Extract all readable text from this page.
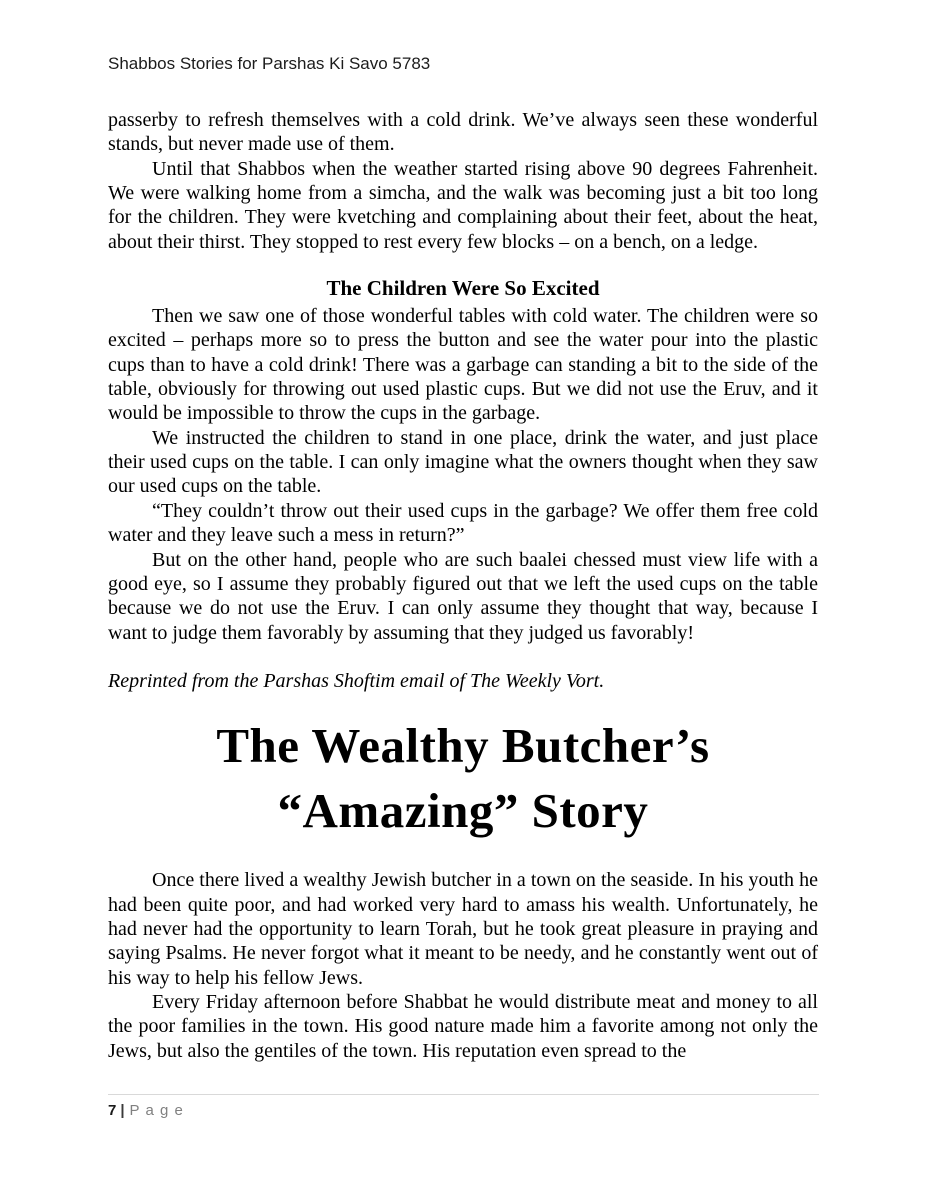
Shabbos Stories for Parshas Ki Savo 5783

passerby to refresh themselves with a cold drink. We’ve always seen these wonderful stands, but never made use of them.

Until that Shabbos when the weather started rising above 90 degrees Fahrenheit. We were walking home from a simcha, and the walk was becoming just a bit too long for the children. They were kvetching and complaining about their feet, about the heat, about their thirst. They stopped to rest every few blocks – on a bench, on a ledge.

The Children Were So Excited

Then we saw one of those wonderful tables with cold water. The children were so excited – perhaps more so to press the button and see the water pour into the plastic cups than to have a cold drink! There was a garbage can standing a bit to the side of the table, obviously for throwing out used plastic cups. But we did not use the Eruv, and it would be impossible to throw the cups in the garbage.

We instructed the children to stand in one place, drink the water, and just place their used cups on the table. I can only imagine what the owners thought when they saw our used cups on the table.

“They couldn’t throw out their used cups in the garbage? We offer them free cold water and they leave such a mess in return?”

But on the other hand, people who are such baalei chessed must view life with a good eye, so I assume they probably figured out that we left the used cups on the table because we do not use the Eruv. I can only assume they thought that way, because I want to judge them favorably by assuming that they judged us favorably!

Reprinted from the Parshas Shoftim email of The Weekly Vort.

The Wealthy Butcher’s
“Amazing” Story

Once there lived a wealthy Jewish butcher in a town on the seaside. In his youth he had been quite poor, and had worked very hard to amass his wealth. Unfortunately, he had never had the opportunity to learn Torah, but he took great pleasure in praying and saying Psalms. He never forgot what it meant to be needy, and he constantly went out of his way to help his fellow Jews.

Every Friday afternoon before Shabbat he would distribute meat and money to all the poor families in the town. His good nature made him a favorite among not only the Jews, but also the gentiles of the town. His reputation even spread to the

7 | P a g e
